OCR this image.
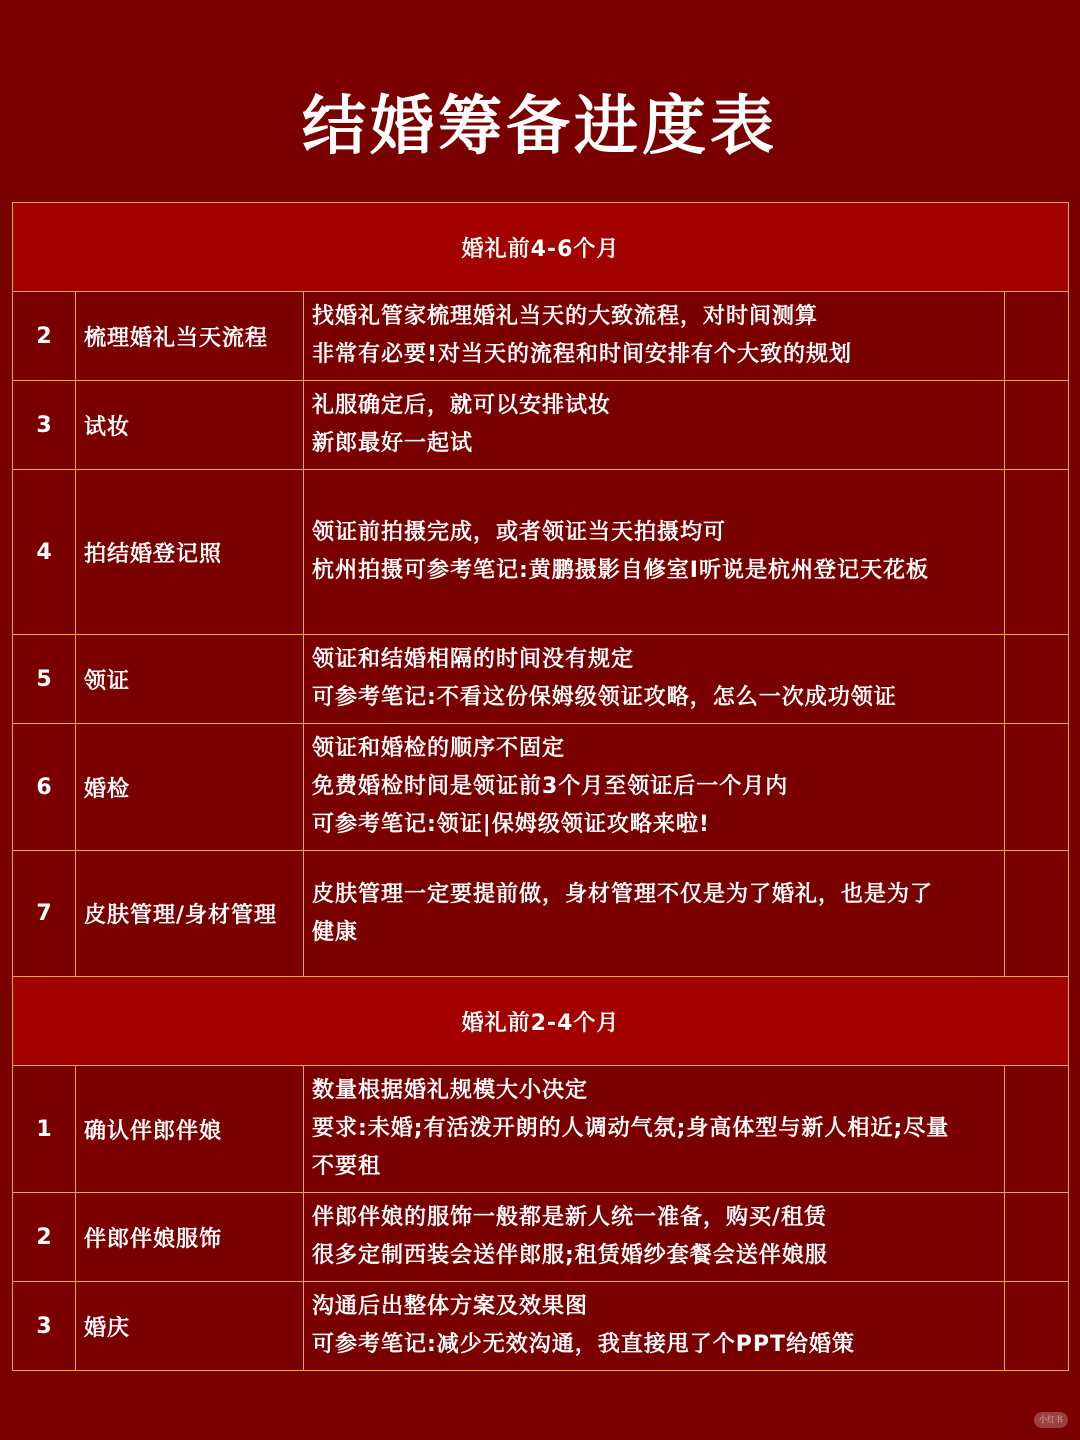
结婚筹备进度表
婚礼前4-6个月			
2	梳理婚礼当天流程	找婚礼管家梳理婚礼当天的大致流程，对时间测算
非常有必要!对当天的流程和时间安排有个大致的规划	

3	试妆	礼服确定后，就可以安排试妆
新郎最好一起试	

4	拍结婚登记照	领证前拍摄完成，或者领证当天拍摄均可
杭州拍摄可参考笔记:黄鹏摄影自修室I听说是杭州登记天花板	

5	领证	领证和结婚相隔的时间没有规定
可参考笔记:不看这份保姆级领证攻略，怎么一次成功领证	

6	婚检	领证和婚检的顺序不固定
免费婚检时间是领证前3个月至领证后一个月内
可参考笔记:领证|保姆级领证攻略来啦!	

7	皮肤管理/身材管理	皮肤管理一定要提前做，身材管理不仅是为了婚礼，也是为了
健康	

婚礼前2-4个月			
1	确认伴郎伴娘	数量根据婚礼规模大小决定
要求:未婚;有活泼开朗的人调动气氛;身高体型与新人相近;尽量
不要租	

2	伴郎伴娘服饰	伴郎伴娘的服饰一般都是新人统一准备，购买/租赁
很多定制西装会送伴郎服;租赁婚纱套餐会送伴娘服	

3	婚庆	沟通后出整体方案及效果图
可参考笔记:减少无效沟通，我直接甩了个PPT给婚策	

小红书
